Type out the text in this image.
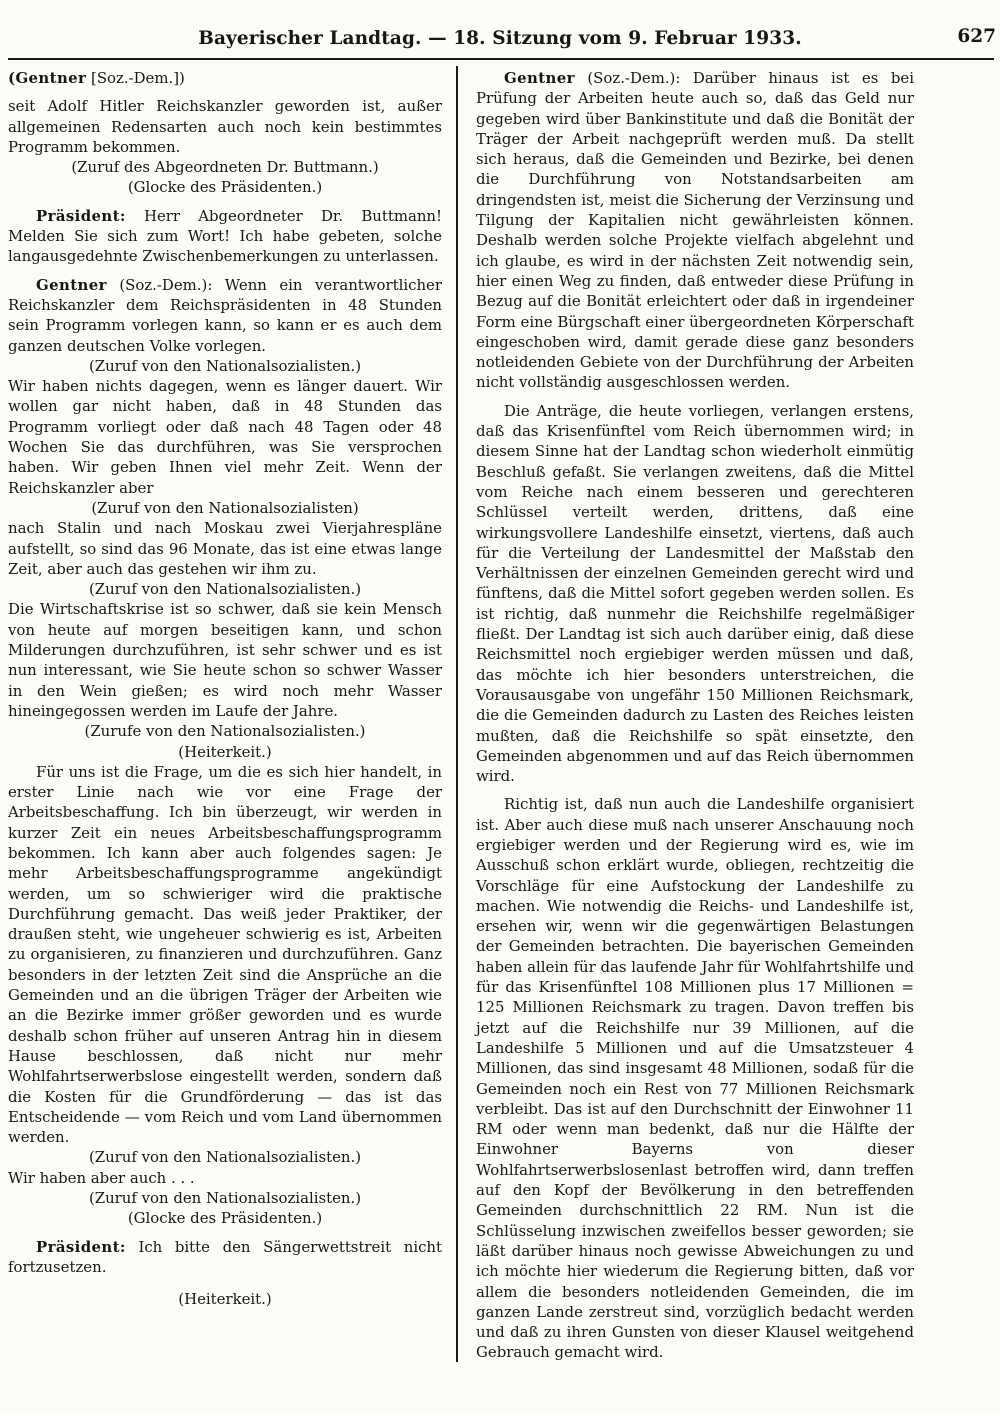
Bayerischer Landtag. — 18. Sitzung vom 9. Februar 1933.	627

(Gentner [Soz.-Dem.])

seit Adolf Hitler Reichskanzler geworden ist, außer allgemeinen Redensarten auch noch kein bestimmtes Programm bekommen.

(Zuruf des Abgeordneten Dr. Buttmann.)

(Glocke des Präsidenten.)

Präsident: Herr Abgeordneter Dr. Buttmann! Melden Sie sich zum Wort! Ich habe gebeten, solche langausgedehnte Zwischenbemerkungen zu unterlassen.

Gentner (Soz.-Dem.): Wenn ein verantwortlicher Reichskanzler dem Reichspräsidenten in 48 Stunden sein Programm vorlegen kann, so kann er es auch dem ganzen deutschen Volke vorlegen.

(Zuruf von den Nationalsozialisten.)

Wir haben nichts dagegen, wenn es länger dauert. Wir wollen gar nicht haben, daß in 48 Stunden das Programm vorliegt oder daß nach 48 Tagen oder 48 Wochen Sie das durchführen, was Sie versprochen haben. Wir geben Ihnen viel mehr Zeit. Wenn der Reichskanzler aber

(Zuruf von den Nationalsozialisten)

nach Stalin und nach Moskau zwei Vierjahrespläne aufstellt, so sind das 96 Monate, das ist eine etwas lange Zeit, aber auch das gestehen wir ihm zu.

(Zuruf von den Nationalsozialisten.)

Die Wirtschaftskrise ist so schwer, daß sie kein Mensch von heute auf morgen beseitigen kann, und schon Milderungen durchzuführen, ist sehr schwer und es ist nun interessant, wie Sie heute schon so schwer Wasser in den Wein gießen; es wird noch mehr Wasser hineingegossen werden im Laufe der Jahre.

(Zurufe von den Nationalsozialisten.)

(Heiterkeit.)

Für uns ist die Frage, um die es sich hier handelt, in erster Linie nach wie vor eine Frage der Arbeitsbeschaffung. Ich bin überzeugt, wir werden in kurzer Zeit ein neues Arbeitsbeschaffungsprogramm bekommen. Ich kann aber auch folgendes sagen: Je mehr Arbeitsbeschaffungsprogramme angekündigt werden, um so schwieriger wird die praktische Durchführung gemacht. Das weiß jeder Praktiker, der draußen steht, wie ungeheuer schwierig es ist, Arbeiten zu organisieren, zu finanzieren und durchzuführen. Ganz besonders in der letzten Zeit sind die Ansprüche an die Gemeinden und an die übrigen Träger der Arbeiten wie an die Bezirke immer größer geworden und es wurde deshalb schon früher auf unseren Antrag hin in diesem Hause beschlossen, daß nicht nur mehr Wohlfahrtserwerbslose eingestellt werden, sondern daß die Kosten für die Grundförderung — das ist das Entscheidende — vom Reich und vom Land übernommen werden.

(Zuruf von den Nationalsozialisten.)

Wir haben aber auch . . .

(Zuruf von den Nationalsozialisten.)

(Glocke des Präsidenten.)

Präsident: Ich bitte den Sängerwettstreit nicht fortzusetzen.

(Heiterkeit.)

Gentner (Soz.-Dem.): Darüber hinaus ist es bei Prüfung der Arbeiten heute auch so, daß das Geld nur gegeben wird über Bankinstitute und daß die Bonität der Träger der Arbeit nachgeprüft werden muß. Da stellt sich heraus, daß die Gemeinden und Bezirke, bei denen die Durchführung von Notstandsarbeiten am dringendsten ist, meist die Sicherung der Verzinsung und Tilgung der Kapitalien nicht gewährleisten können. Deshalb werden solche Projekte vielfach abgelehnt und ich glaube, es wird in der nächsten Zeit notwendig sein, hier einen Weg zu finden, daß entweder diese Prüfung in Bezug auf die Bonität erleichtert oder daß in irgendeiner Form eine Bürgschaft einer übergeordneten Körperschaft eingeschoben wird, damit gerade diese ganz besonders notleidenden Gebiete von der Durchführung der Arbeiten nicht vollständig ausgeschlossen werden.

Die Anträge, die heute vorliegen, verlangen erstens, daß das Krisenfünftel vom Reich übernommen wird; in diesem Sinne hat der Landtag schon wiederholt einmütig Beschluß gefaßt. Sie verlangen zweitens, daß die Mittel vom Reiche nach einem besseren und gerechteren Schlüssel verteilt werden, drittens, daß eine wirkungsvollere Landeshilfe einsetzt, viertens, daß auch für die Verteilung der Landesmittel der Maßstab den Verhältnissen der einzelnen Gemeinden gerecht wird und fünftens, daß die Mittel sofort gegeben werden sollen. Es ist richtig, daß nunmehr die Reichshilfe regelmäßiger fließt. Der Landtag ist sich auch darüber einig, daß diese Reichsmittel noch ergiebiger werden müssen und daß, das möchte ich hier besonders unterstreichen, die Vorausausgabe von ungefähr 150 Millionen Reichsmark, die die Gemeinden dadurch zu Lasten des Reiches leisten mußten, daß die Reichshilfe so spät einsetzte, den Gemeinden abgenommen und auf das Reich übernommen wird.

Richtig ist, daß nun auch die Landeshilfe organisiert ist. Aber auch diese muß nach unserer Anschauung noch ergiebiger werden und der Regierung wird es, wie im Ausschuß schon erklärt wurde, obliegen, rechtzeitig die Vorschläge für eine Aufstockung der Landeshilfe zu machen. Wie notwendig die Reichs- und Landeshilfe ist, ersehen wir, wenn wir die gegenwärtigen Belastungen der Gemeinden betrachten. Die bayerischen Gemeinden haben allein für das laufende Jahr für Wohlfahrtshilfe und für das Krisenfünftel 108 Millionen plus 17 Millionen = 125 Millionen Reichsmark zu tragen. Davon treffen bis jetzt auf die Reichshilfe nur 39 Millionen, auf die Landeshilfe 5 Millionen und auf die Umsatzsteuer 4 Millionen, das sind insgesamt 48 Millionen, sodaß für die Gemeinden noch ein Rest von 77 Millionen Reichsmark verbleibt. Das ist auf den Durchschnitt der Einwohner 11 RM oder wenn man bedenkt, daß nur die Hälfte der Einwohner Bayerns von dieser Wohlfahrtserwerbslosenlast betroffen wird, dann treffen auf den Kopf der Bevölkerung in den betreffenden Gemeinden durchschnittlich 22 RM. Nun ist die Schlüsselung inzwischen zweifellos besser geworden; sie läßt darüber hinaus noch gewisse Abweichungen zu und ich möchte hier wiederum die Regierung bitten, daß vor allem die besonders notleidenden Gemeinden, die im ganzen Lande zerstreut sind, vorzüglich bedacht werden und daß zu ihren Gunsten von dieser Klausel weitgehend Gebrauch gemacht wird.
